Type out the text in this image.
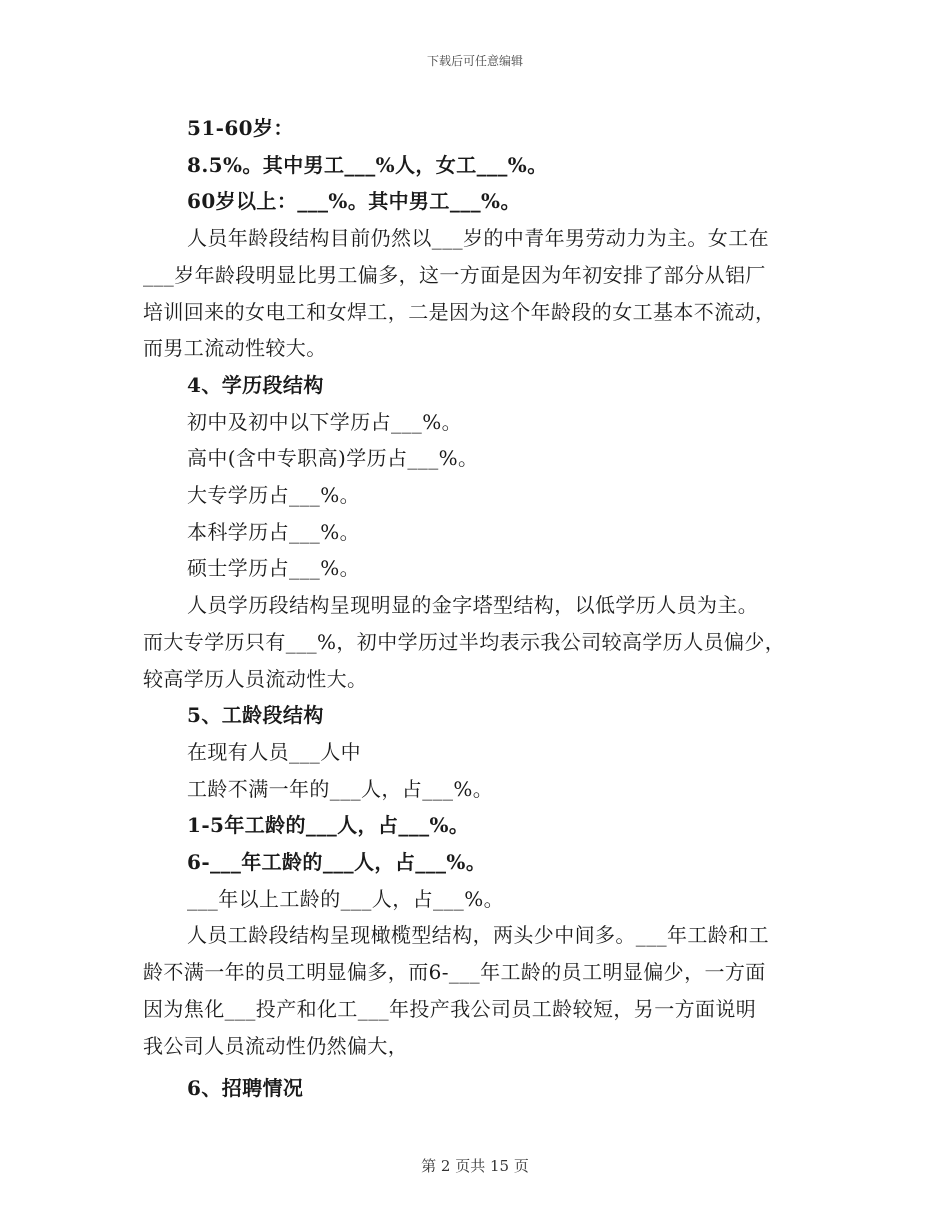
下载后可任意编辑
51-60岁：
8.5%。其中男工___%人，女工___%。
60岁以上：___%。其中男工___%。
人员年龄段结构目前仍然以___岁的中青年男劳动力为主。女工在
___岁年龄段明显比男工偏多，这一方面是因为年初安排了部分从铝厂
培训回来的女电工和女焊工，二是因为这个年龄段的女工基本不流动，
而男工流动性较大。
4、学历段结构
初中及初中以下学历占___%。
高中(含中专职高)学历占___%。
大专学历占___%。
本科学历占___%。
硕士学历占___%。
人员学历段结构呈现明显的金字塔型结构，以低学历人员为主。
而大专学历只有___%，初中学历过半均表示我公司较高学历人员偏少，
较高学历人员流动性大。
5、工龄段结构
在现有人员___人中
工龄不满一年的___人，占___%。
1-5年工龄的___人，占___%。
6-___年工龄的___人，占___%。
___年以上工龄的___人，占___%。
人员工龄段结构呈现橄榄型结构，两头少中间多。___年工龄和工
龄不满一年的员工明显偏多，而6-___年工龄的员工明显偏少，一方面
因为焦化___投产和化工___年投产我公司员工龄较短，另一方面说明
我公司人员流动性仍然偏大，
6、招聘情况
第 2 页共 15 页
